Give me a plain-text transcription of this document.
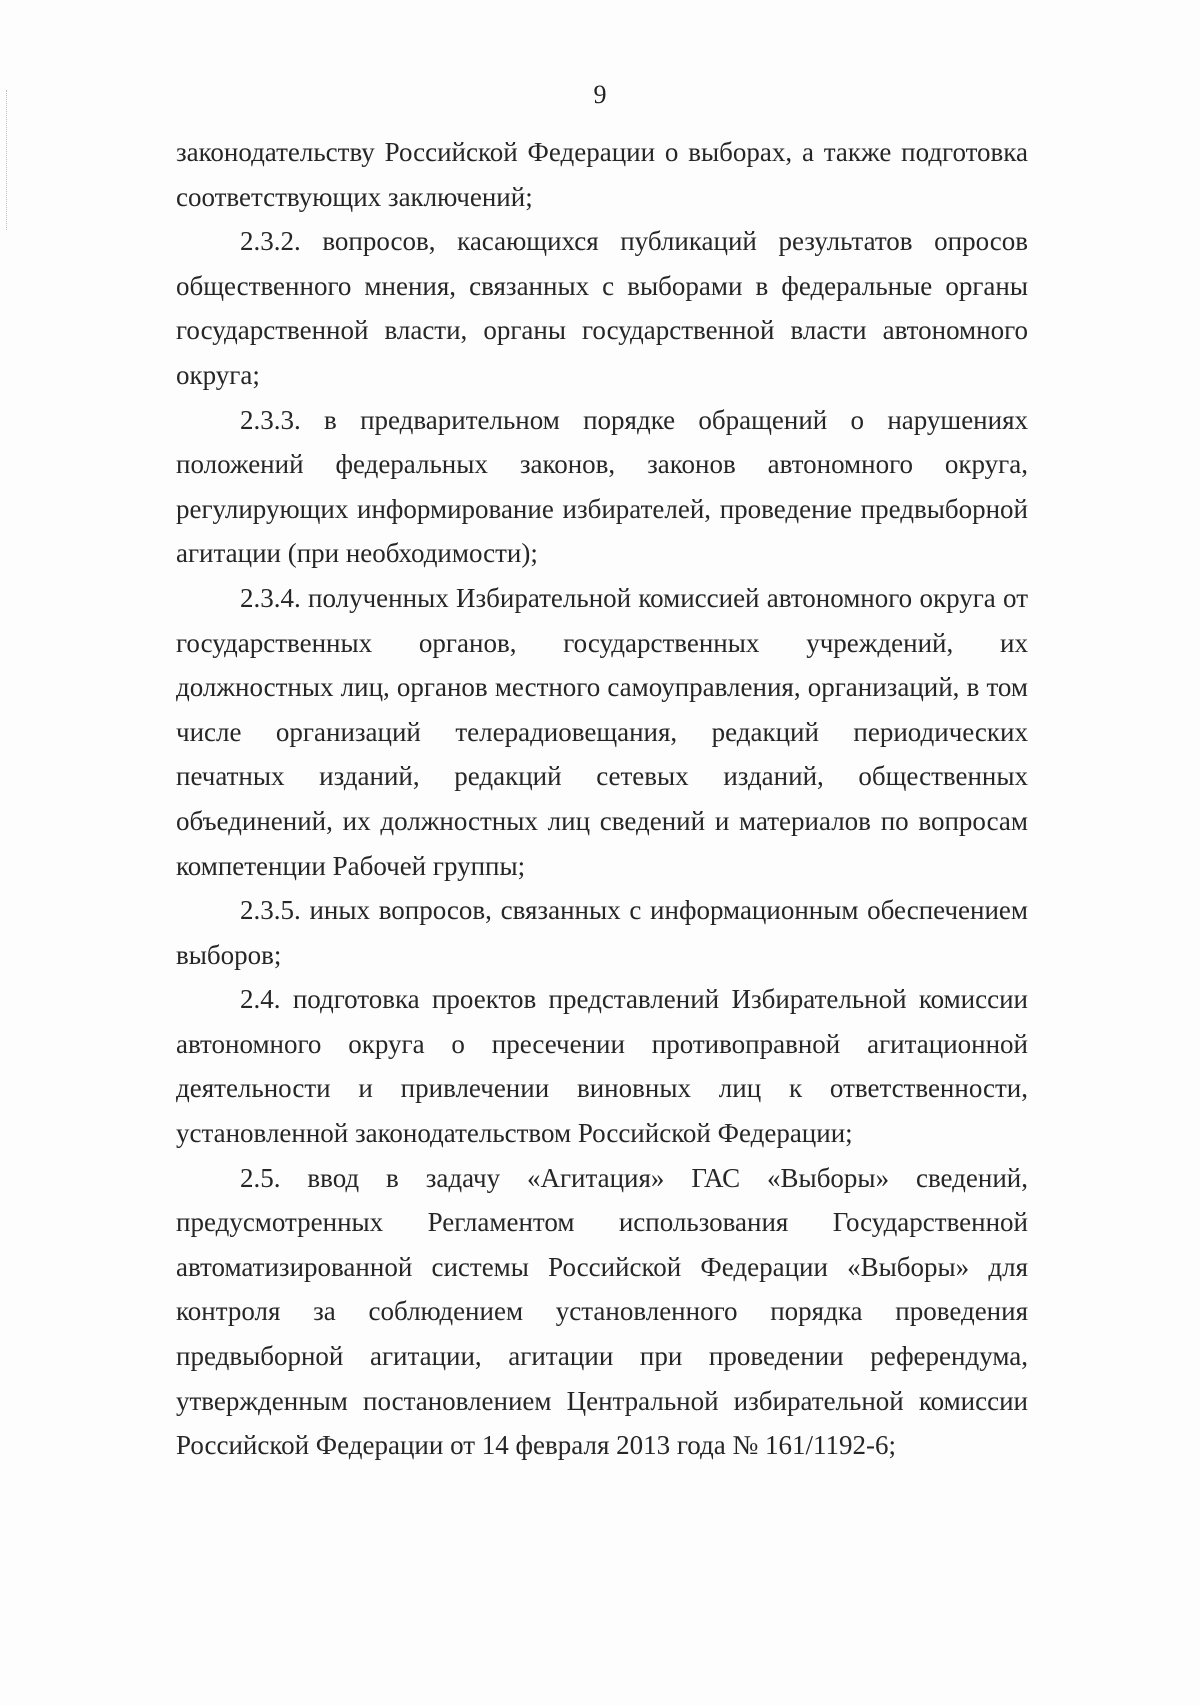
9

законодательству Российской Федерации о выборах, а также подготовка соответствующих заключений;

2.3.2. вопросов, касающихся публикаций результатов опросов общественного мнения, связанных с выборами в федеральные органы государственной власти, органы государственной власти автономного округа;

2.3.3. в предварительном порядке обращений о нарушениях положений федеральных законов, законов автономного округа, регулирующих информирование избирателей, проведение предвыборной агитации (при необходимости);

2.3.4. полученных Избирательной комиссией автономного округа от государственных органов, государственных учреждений, их должностных лиц, органов местного самоуправления, организаций, в том числе организаций телерадиовещания, редакций периодических печатных изданий, редакций сетевых изданий, общественных объединений, их должностных лиц сведений и материалов по вопросам компетенции Рабочей группы;

2.3.5. иных вопросов, связанных с информационным обеспечением выборов;

2.4. подготовка проектов представлений Избирательной комиссии автономного округа о пресечении противоправной агитационной деятельности и привлечении виновных лиц к ответственности, установленной законодательством Российской Федерации;

2.5. ввод в задачу «Агитация» ГАС «Выборы» сведений, предусмотренных Регламентом использования Государственной автоматизированной системы Российской Федерации «Выборы» для контроля за соблюдением установленного порядка проведения предвыборной агитации, агитации при проведении референдума, утвержденным постановлением Центральной избирательной комиссии Российской Федерации от 14 февраля 2013 года № 161/1192-6;
